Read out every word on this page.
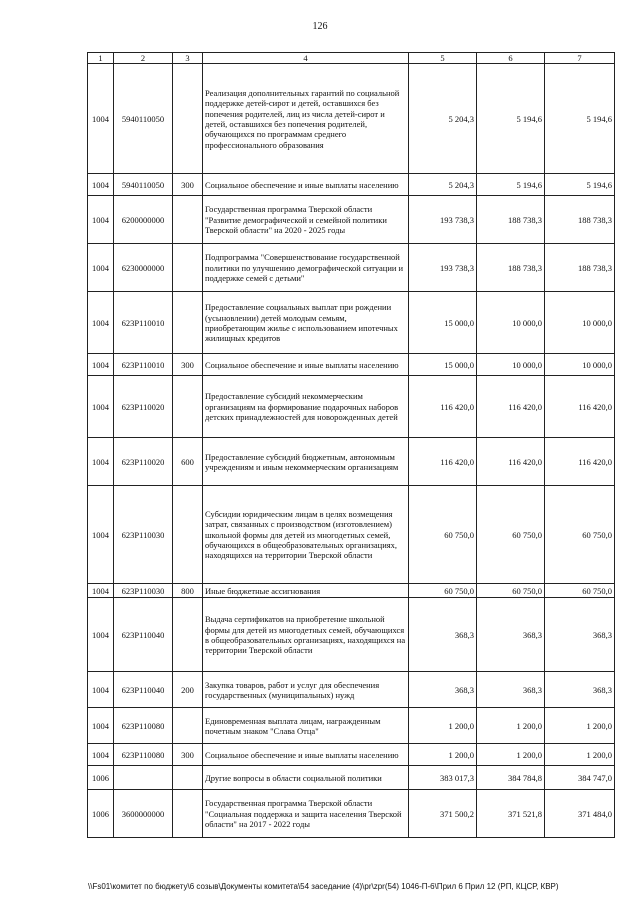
126
1	2	3	4	5	6	7
1004	5940110050		Реализация дополнительных гарантий по социальной поддержке детей-сирот и детей, оставшихся без попечения родителей, лиц из числа детей-сирот и детей, оставшихся без попечения родителей, обучающихся по программам среднего профессионального образования	5 204,3	5 194,6	5 194,6
1004	5940110050	300	Социальное обеспечение и иные выплаты населению	5 204,3	5 194,6	5 194,6
1004	6200000000		Государственная программа Тверской области "Развитие демографической и семейной политики Тверской области" на 2020 - 2025 годы	193 738,3	188 738,3	188 738,3
1004	6230000000		Подпрограмма "Совершенствование государственной политики по улучшению демографической ситуации и поддержке семей с детьми"	193 738,3	188 738,3	188 738,3
1004	623P110010		Предоставление социальных выплат при рождении (усыновлении) детей молодым семьям, приобретающим жилье с использованием ипотечных жилищных кредитов	15 000,0	10 000,0	10 000,0
1004	623P110010	300	Социальное обеспечение и иные выплаты населению	15 000,0	10 000,0	10 000,0
1004	623P110020		Предоставление субсидий некоммерческим организациям на формирование подарочных наборов детских принадлежностей для новорожденных детей	116 420,0	116 420,0	116 420,0
1004	623P110020	600	Предоставление субсидий бюджетным, автономным учреждениям и иным некоммерческим организациям	116 420,0	116 420,0	116 420,0
1004	623P110030		Субсидии юридическим лицам в целях возмещения затрат, связанных с производством (изготовлением) школьной формы для детей из многодетных семей, обучающихся в общеобразовательных организациях, находящихся на территории Тверской области	60 750,0	60 750,0	60 750,0
1004	623P110030	800	Иные бюджетные ассигнования	60 750,0	60 750,0	60 750,0
1004	623P110040		Выдача сертификатов на приобретение школьной формы для детей из многодетных семей, обучающихся в общеобразовательных организациях, находящихся на территории Тверской области	368,3	368,3	368,3
1004	623P110040	200	Закупка товаров, работ и услуг для обеспечения государственных (муниципальных) нужд	368,3	368,3	368,3
1004	623P110080		Единовременная выплата лицам, награжденным почетным знаком "Слава Отца"	1 200,0	1 200,0	1 200,0
1004	623P110080	300	Социальное обеспечение и иные выплаты населению	1 200,0	1 200,0	1 200,0
1006			Другие вопросы в области социальной политики	383 017,3	384 784,8	384 747,0
1006	3600000000		Государственная программа Тверской области "Социальная поддержка и защита населения Тверской области" на 2017 - 2022 годы	371 500,2	371 521,8	371 484,0
\\Fs01\комитет по бюджету\6 созыв\Документы комитета\54 заседание (4)\pr\zpr(54) 1046-П-6\Прил 6 Прил 12 (РП, КЦСР, КВР)
